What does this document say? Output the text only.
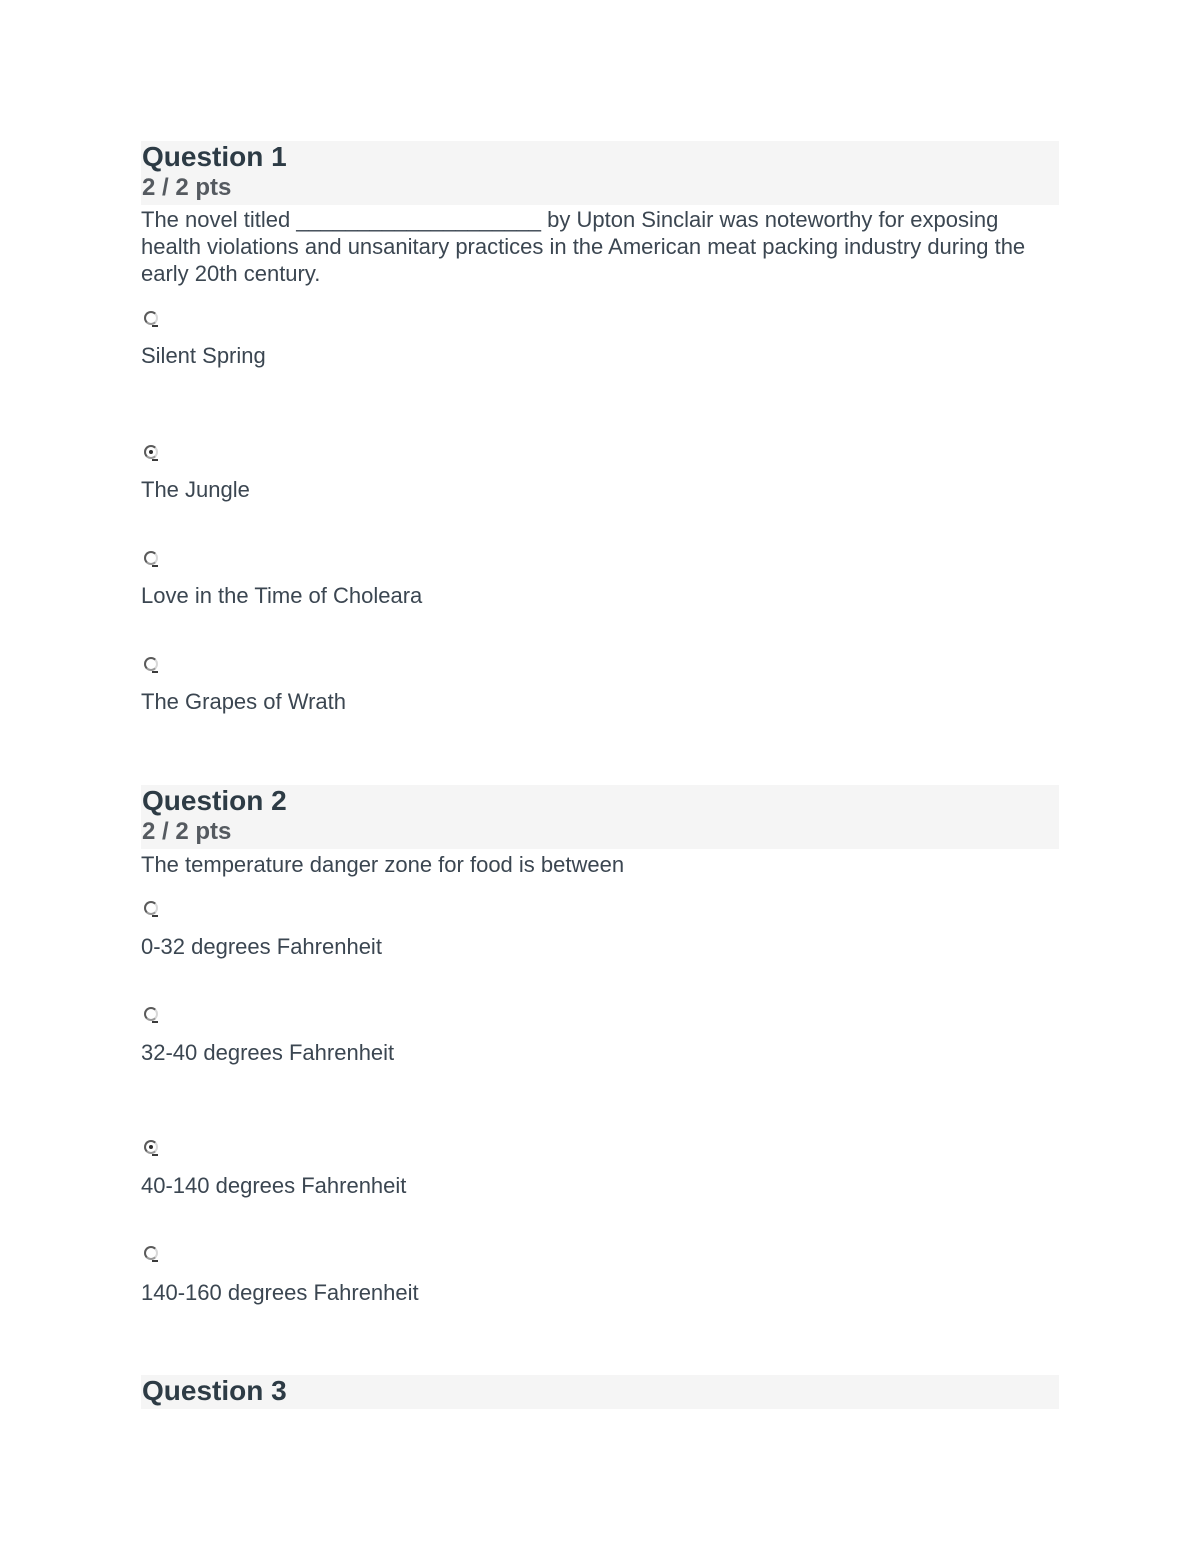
Question 1
2 / 2 pts

The novel titled ____________________ by Upton Sinclair was noteworthy for exposing health violations and unsanitary practices in the American meat packing industry during the early 20th century.

Silent Spring
The Jungle
Love in the Time of Choleara
The Grapes of Wrath
Question 2
2 / 2 pts

The temperature danger zone for food is between

0-32 degrees Fahrenheit
32-40 degrees Fahrenheit
40-140 degrees Fahrenheit
140-160 degrees Fahrenheit
Question 3
